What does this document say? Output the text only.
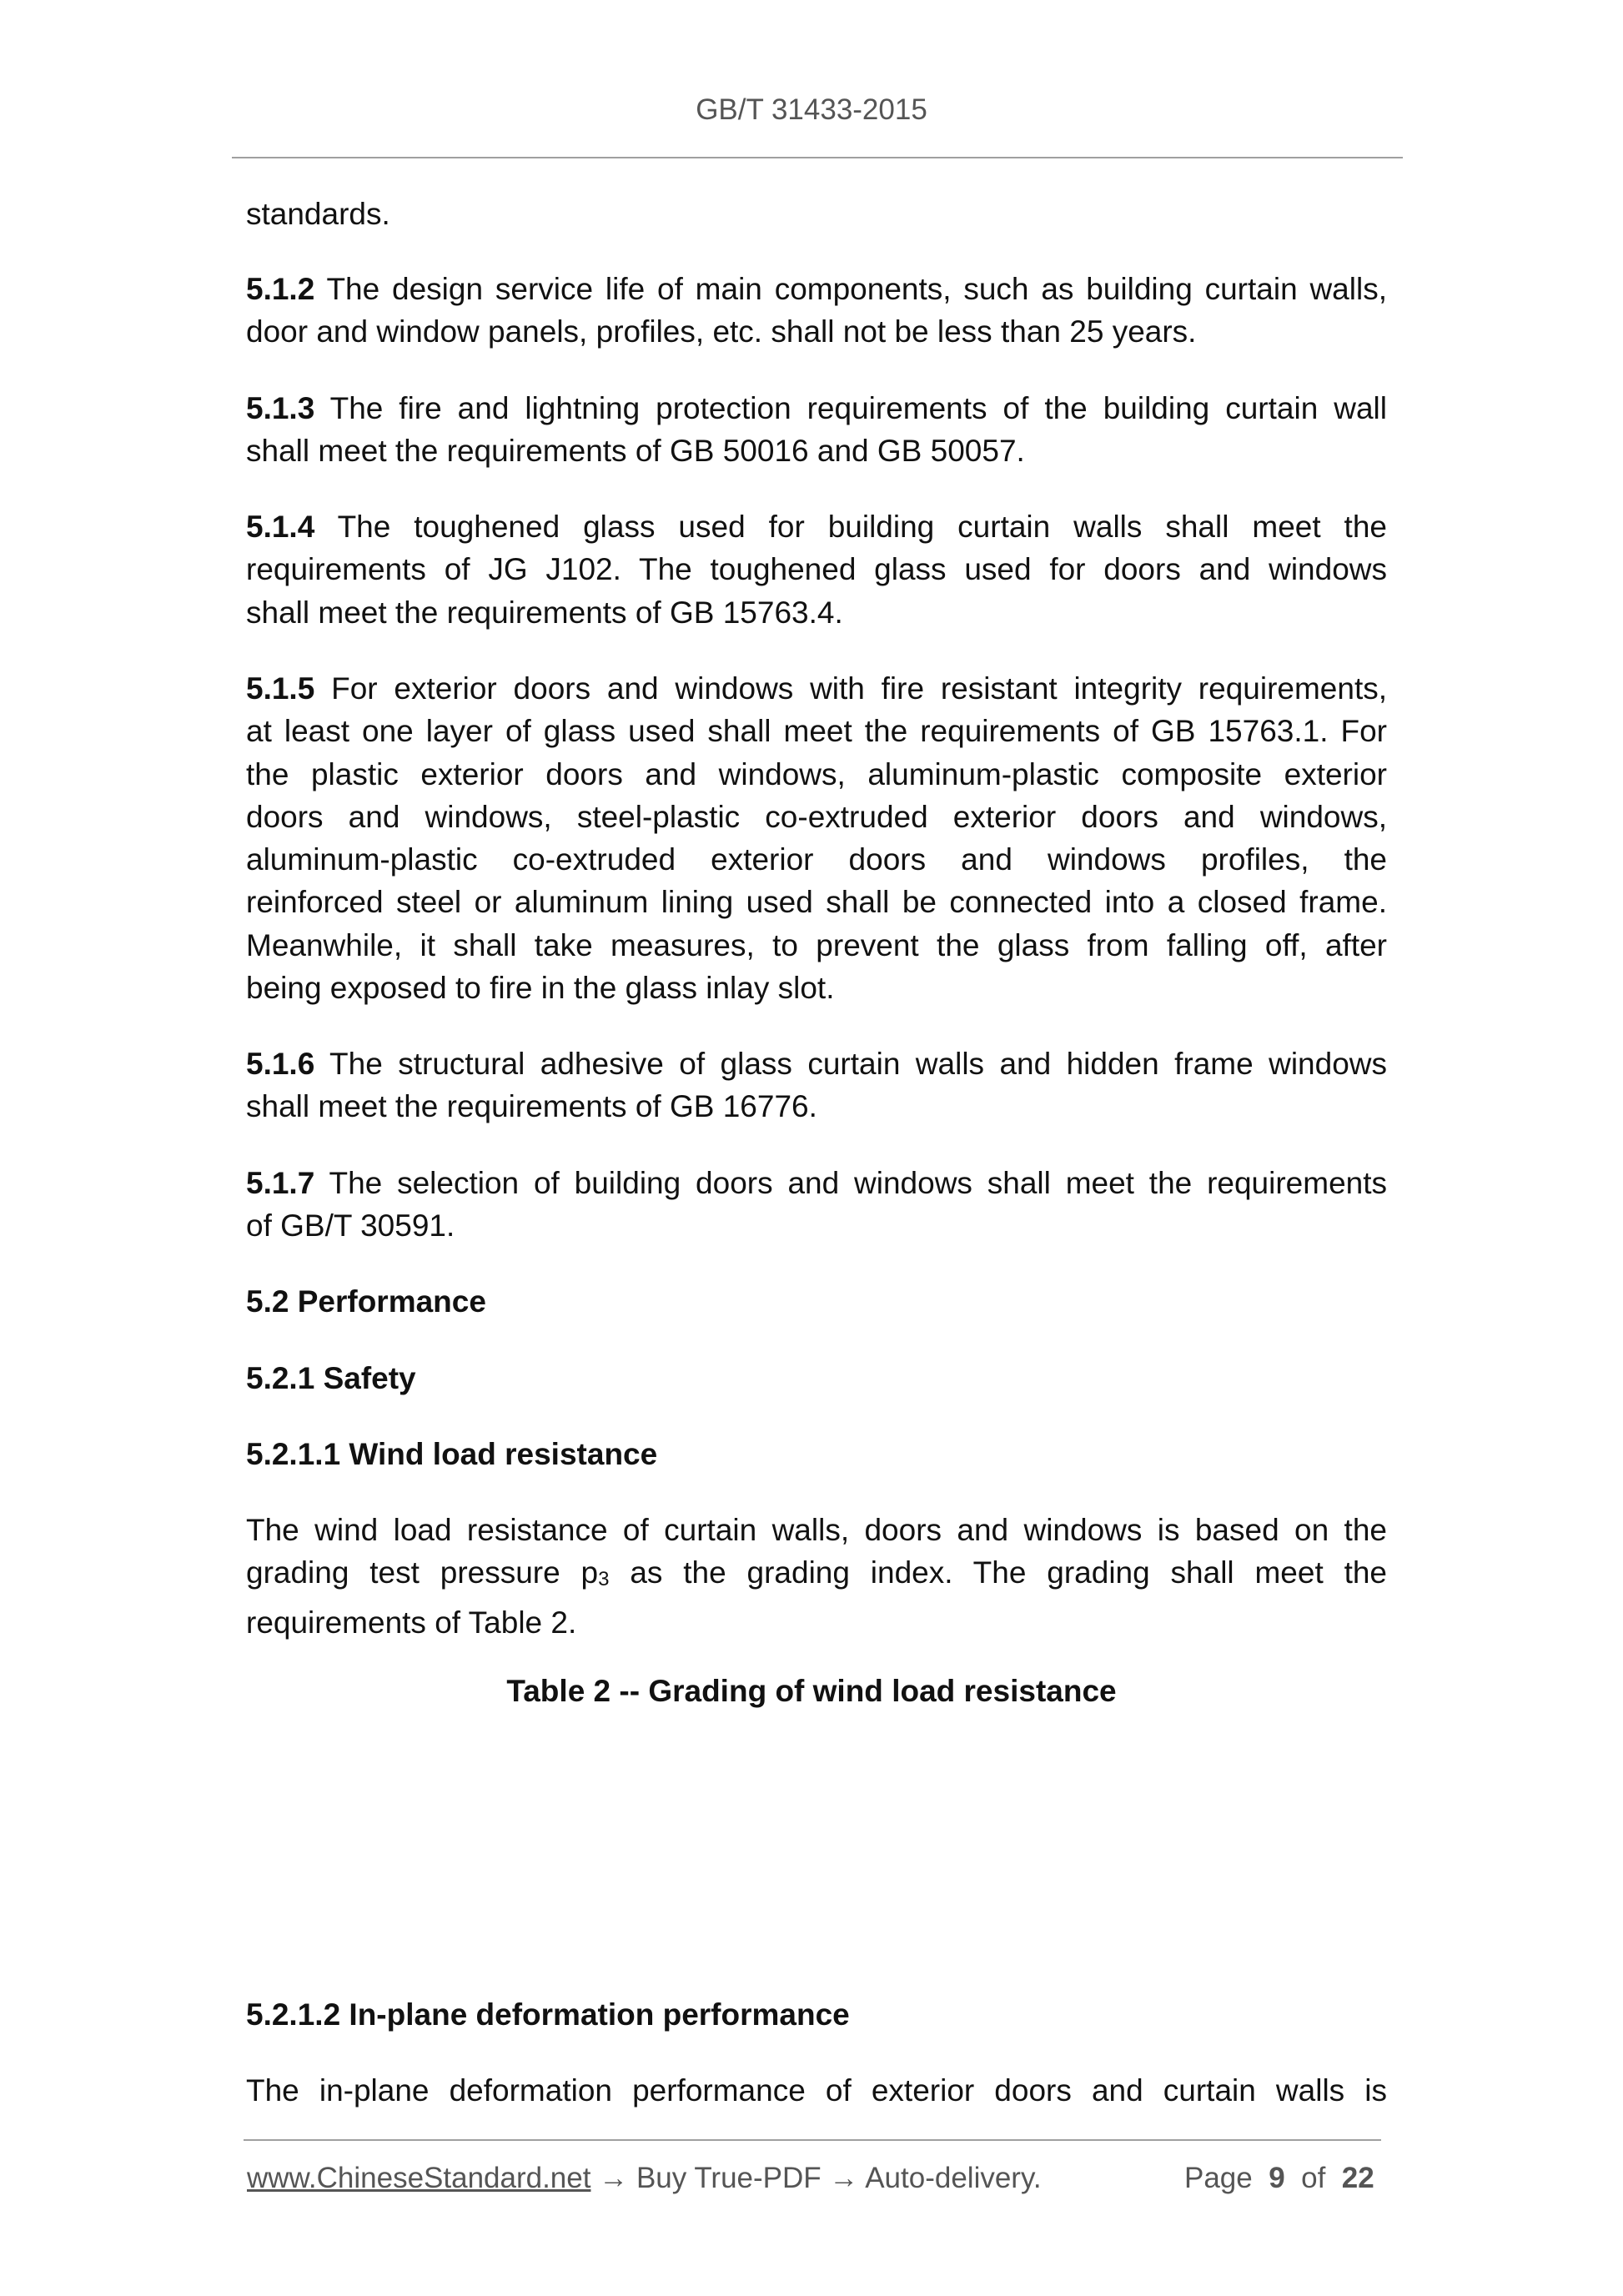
GB/T 31433-2015
standards.
5.1.2 The design service life of main components, such as building curtain walls,
door and window panels, profiles, etc. shall not be less than 25 years.
5.1.3 The fire and lightning protection requirements of the building curtain wall
shall meet the requirements of GB 50016 and GB 50057.
5.1.4 The toughened glass used for building curtain walls shall meet the
requirements of JG J102. The toughened glass used for doors and windows
shall meet the requirements of GB 15763.4.
5.1.5 For exterior doors and windows with fire resistant integrity requirements,
at least one layer of glass used shall meet the requirements of GB 15763.1. For
the plastic exterior doors and windows, aluminum-plastic composite exterior
doors and windows, steel-plastic co-extruded exterior doors and windows,
aluminum-plastic co-extruded exterior doors and windows profiles, the
reinforced steel or aluminum lining used shall be connected into a closed frame.
Meanwhile, it shall take measures, to prevent the glass from falling off, after
being exposed to fire in the glass inlay slot.
5.1.6 The structural adhesive of glass curtain walls and hidden frame windows
shall meet the requirements of GB 16776.
5.1.7 The selection of building doors and windows shall meet the requirements
of GB/T 30591.
5.2 Performance
5.2.1 Safety
5.2.1.1 Wind load resistance
The wind load resistance of curtain walls, doors and windows is based on the
grading test pressure $p_3$ as the grading index. The grading shall meet the
requirements of Table 2.
Table 2 -- Grading of wind load resistance
5.2.1.2 In-plane deformation performance
The in-plane deformation performance of exterior doors and curtain walls is
www.ChineseStandard.net → Buy True-PDF → Auto-delivery.	Page 9 of 22
